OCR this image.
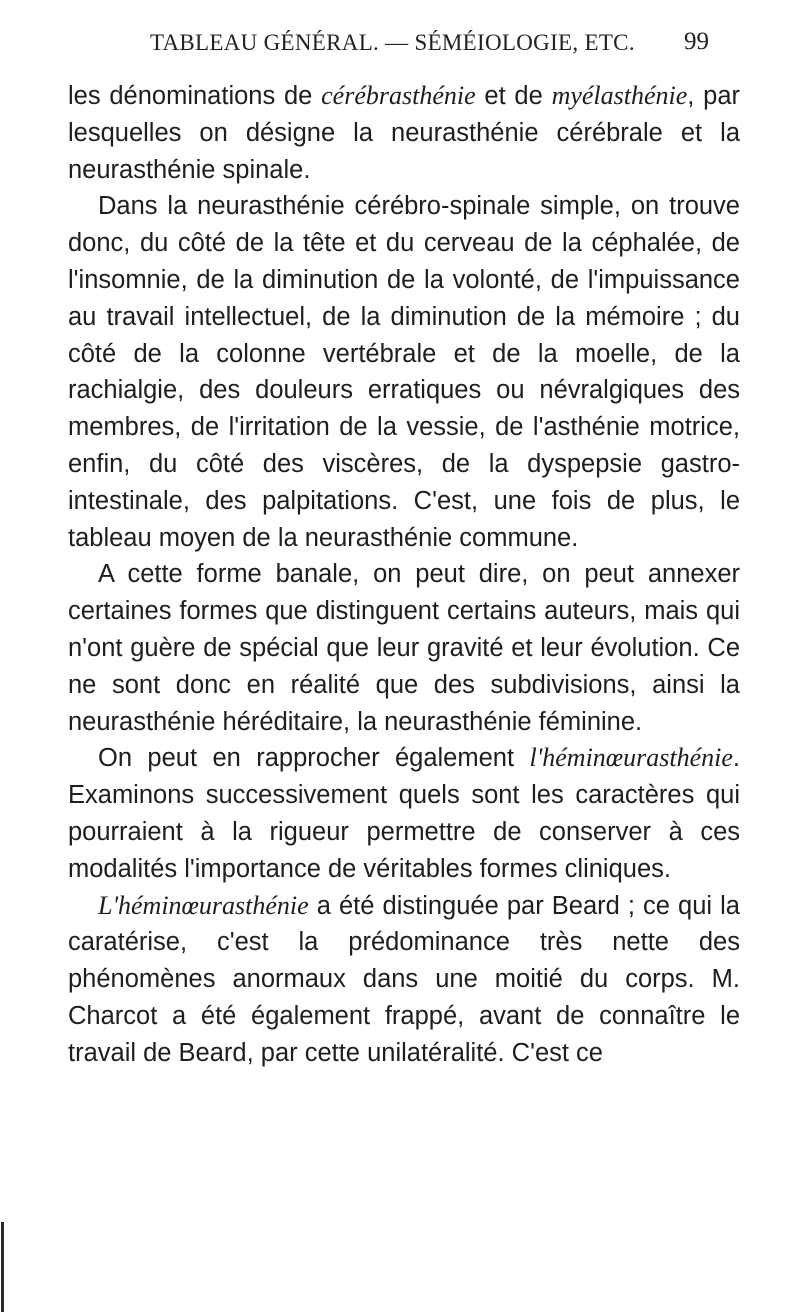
TABLEAU GÉNÉRAL. — SÉMÉIOLOGIE, ETC. 99

les dénominations de cérébrasthénie et de myélasthénie, par lesquelles on désigne la neurasthénie cérébrale et la neurasthénie spinale.

Dans la neurasthénie cérébro-spinale simple, on trouve donc, du côté de la tête et du cerveau de la céphalée, de l'insomnie, de la diminution de la volonté, de l'impuissance au travail intellectuel, de la diminution de la mémoire ; du côté de la colonne vertébrale et de la moelle, de la rachialgie, des douleurs erratiques ou névralgiques des membres, de l'irritation de la vessie, de l'asthénie motrice, enfin, du côté des viscères, de la dyspepsie gastro-intestinale, des palpitations. C'est, une fois de plus, le tableau moyen de la neurasthénie commune.

A cette forme banale, on peut dire, on peut annexer certaines formes que distinguent certains auteurs, mais qui n'ont guère de spécial que leur gravité et leur évolution. Ce ne sont donc en réalité que des subdivisions, ainsi la neurasthénie héréditaire, la neurasthénie féminine.

On peut en rapprocher également l'héminœurasthénie. Examinons successivement quels sont les caractères qui pourraient à la rigueur permettre de conserver à ces modalités l'importance de véritables formes cliniques.

L'héminœurasthénie a été distinguée par Beard ; ce qui la caratérise, c'est la prédominance très nette des phénomènes anormaux dans une moitié du corps. M. Charcot a été également frappé, avant de connaître le travail de Beard, par cette unilatéralité. C'est ce
